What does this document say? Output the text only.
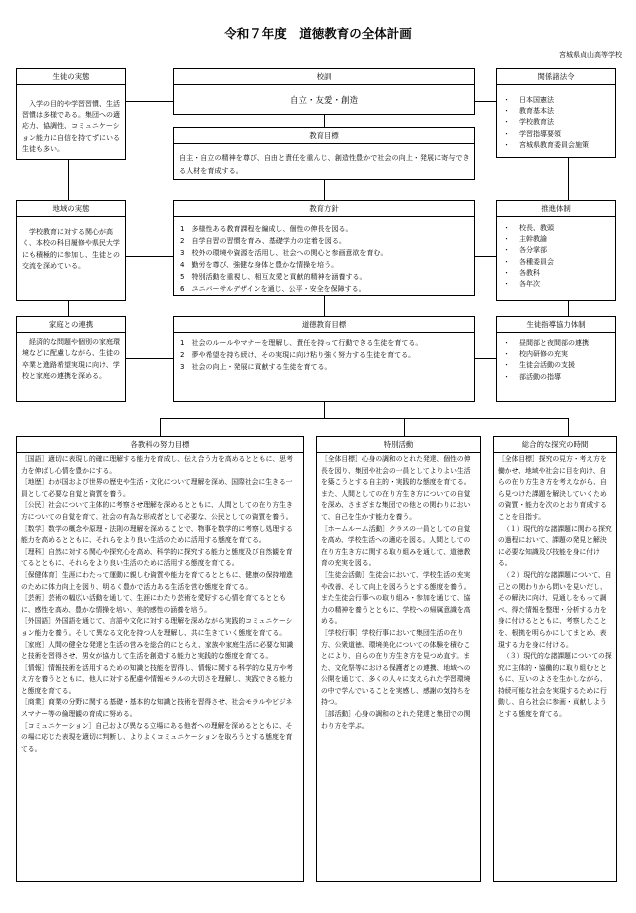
令和７年度　道徳教育の全体計画
宮城県貞山高等学校
生徒の実態
入学の目的や学習習慣、生活習慣は多様である。集団への適応力、協調性、コミュニケーション能力に自信を持てずにいる生徒も多い。
校訓
自立・友愛・創造
関係諸法令
・ 日本国憲法
・ 教育基本法
・ 学校教育法
・ 学習指導要領
・ 宮城県教育委員会施策
教育目標
自主・自立の精神を尊び、自由と責任を重んじ、創造性豊かで社会の向上・発展に寄与できる人材を育成する。
地域の実態
学校教育に対する関心が高く、本校の科目履修や県民大学にも積極的に参加し、生徒との交流を深めている。
教育方針
1　多様性ある教育課程を編成し、個性の伸長を図る。
2　自学自習の習慣を育み、基礎学力の定着を図る。
3　校外の環境や資源を活用し、社会への関心と参画意欲を育む。
4　勤労を尊び、強健な身体と豊かな情操を培う。
5　特別活動を重視し、相互友愛と貢献的精神を涵養する。
6　ユニバーサルデザインを通じ、公平・安全を保障する。
推進体制
・ 校長、教頭
・ 主幹教諭
・ 各分掌部
・ 各種委員会
・ 各教科
・ 各年次
家庭との連携
経済的な問題や個別の家庭環境などに配慮しながら、生徒の卒業と進路希望実現に向け、学校と家庭の連携を深める。
道徳教育目標
1　社会のルールやマナーを理解し、責任を持って行動できる生徒を育てる。
2　夢や希望を持ち続け、その実現に向け粘り強く努力する生徒を育てる。
3　社会の向上・発展に貢献する生徒を育てる。
生徒指導協力体制
・ 昼間部と夜間部の連携
・ 校内研修の充実
・ 生徒会活動の支援
・ 部活動の指導
各教科の努力目標

［国語］適切に表現し的確に理解する能力を育成し、伝え合う力を高めるとともに、思考力を伸ばし心情を豊かにする。

［地歴］わが国および世界の歴史や生活・文化について理解を深め、国際社会に生きる一員として必要な自覚と資質を養う。

［公民］社会について主体的に考察させ理解を深めるとともに、人間としての在り方生き方についての自覚を育て、社会の有為な形成者として必要な、公民としての資質を養う。

［数学］数学の概念や原理・法則の理解を深めることで、物事を数学的に考察し処理する能力を高めるとともに、それらをより良い生活のために活用する態度を育てる。

［理科］自然に対する関心や探究心を高め、科学的に探究する能力と態度及び自然観を育てるとともに、それらをより良い生活のために活用する態度を育てる。

［保健体育］生涯にわたって運動に親しむ資質や能力を育てるとともに、健康の保持増進のために体力向上を図り、明るく豊かで活力ある生活を営む態度を育てる。

［芸術］芸術の幅広い活動を通して、生涯にわたり芸術を愛好する心情を育てるとともに、感性を高め、豊かな情操を培い、美的感性の涵養を培う。

［外国語］外国語を通じて、言語や文化に対する理解を深めながら実践的コミュニケーション能力を養う。そして異なる文化を持つ人を理解し、共に生きていく態度を育てる。

［家庭］人間の健全な発達と生活の営みを総合的にとらえ、家族や家庭生活に必要な知識と技術を習得させ、男女が協力して生活を創造する能力と実践的な態度を育てる。

［情報］情報技術を活用するための知識と技能を習得し、情報に関する科学的な見方や考え方を養うとともに、他人に対する配慮や情報モラルの大切さを理解し、実践できる能力と態度を育てる。

［商業］商業の分野に関する基礎・基本的な知識と技術を習得させ、社会モラルやビジネスマナー等の倫理観の育成に努める。

［コミュニケーション］自己および異なる立場にある他者への理解を深めるとともに、その場に応じた表現を適切に判断し、よりよくコミュニケーションを取ろうとする態度を育てる。

特別活動

［全体目標］心身の調和のとれた発達、個性の伸長を図り、集団や社会の一員としてよりよい生活を築こうとする自主的・実践的な態度を育てる。また、人間としての在り方生き方についての自覚を深め、さまざまな集団での他との関わりにおいて、自己を生かす能力を養う。

［ホームルーム活動］クラスの一員としての自覚を高め、学校生活への適応を図る。人間としての在り方生き方に関する取り組みを通して、道徳教育の充実を図る。

［生徒会活動］生徒会において、学校生活の充実や改善、そして向上を図ろうとする態度を養う。また生徒会行事への取り組み・参加を通じて、協力の精神を養うとともに、学校への帰属意識を高める。

［学校行事］学校行事において集団生活の在り方、公衆道徳、環境美化についての体験を積むことにより、自らの在り方生き方を見つめ直す。また、文化祭等における保護者との連携、地域への公開を通じて、多くの人々に支えられた学習環境の中で学んでいることを実感し、感謝の気持ちを持つ。

［部活動］心身の調和のとれた発達と集団での関わり方を学ぶ。

総合的な探究の時間

［全体目標］探究の見方・考え方を働かせ、地域や社会に目を向け、自らの在り方生き方を考えながら、自ら見つけた課題を解決していくための資質・能力を次のとおり育成することを目指す。

（１）現代的な諸課題に関わる探究の過程において、課題の発見と解決に必要な知識及び技能を身に付ける。

（２）現代的な諸課題について、自己との関わりから問いを見いだし、その解決に向け、見通しをもって調べ、得た情報を整理・分析する力を身に付けるとともに、考察したことを、根拠を明らかにしてまとめ、表現する力を身に付ける。

（３）現代的な諸課題についての探究に主体的・協働的に取り組むとともに、互いのよさを生かしながら、持続可能な社会を実現するために行動し、自ら社会に参画・貢献しようとする態度を育てる。
